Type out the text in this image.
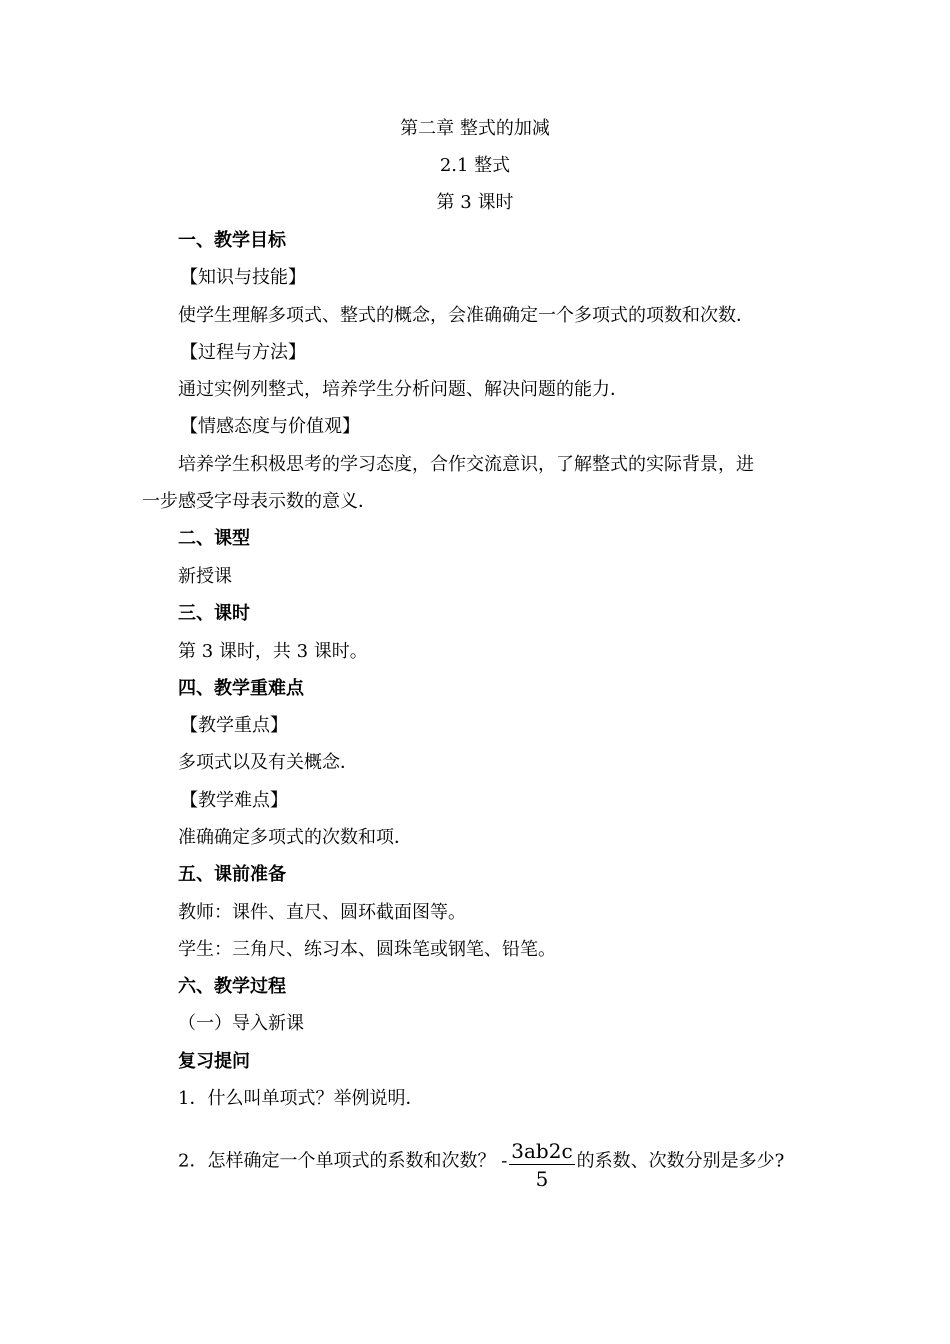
第二章 整式的加减
2.1 整式
第 3 课时
一、教学目标
【知识与技能】
使学生理解多项式、整式的概念，会准确确定一个多项式的项数和次数．
【过程与方法】
通过实例列整式，培养学生分析问题、解决问题的能力．
【情感态度与价值观】
培养学生积极思考的学习态度，合作交流意识，了解整式的实际背景，进
一步感受字母表示数的意义．
二、课型
新授课
三、课时
第 3 课时，共 3 课时。
四、教学重难点
【教学重点】
多项式以及有关概念．
【教学难点】
准确确定多项式的次数和项．
五、课前准备
教师：课件、直尺、圆环截面图等。
学生：三角尺、练习本、圆珠笔或钢笔、铅笔。
六、教学过程
（一）导入新课
复习提问
1．什么叫单项式？举例说明．
2．怎样确定一个单项式的系数和次数？ - $\frac{3ab2c}{5}$ 的系数、次数分别是多少?
